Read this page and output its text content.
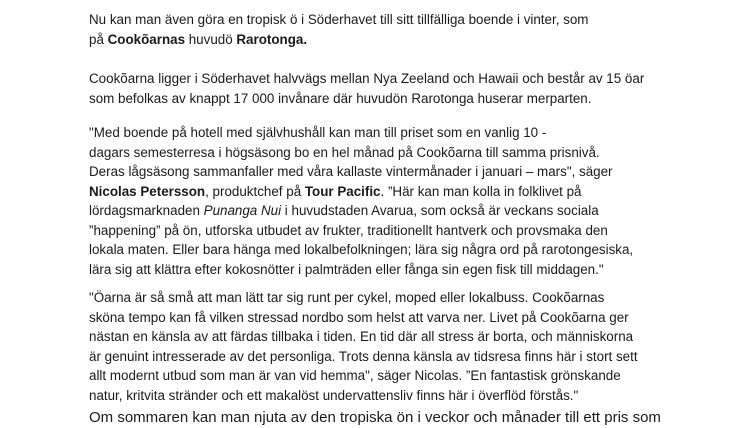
Nu kan man även göra en tropisk ö i Söderhavet till sitt tillfälliga boende i vinter, som
på Cookõarnas huvudö Rarotonga.

Cookõarna ligger i Söderhavet halvvägs mellan Nya Zeeland och Hawaii och består av 15 öar
som befolkas av knappt 17 000 invånare där huvudön Rarotonga huserar merparten.

"Med boende på hotell med självhushåll kan man till priset som en vanlig 10 -
dagars semesterresa i högsäsong bo en hel månad på Cookõarna till samma prisnivå.
Deras lågsäsong sammanfaller med våra kallaste vintermånader i januari – mars", säger
Nicolas Petersson, produktchef på Tour Pacific. ”Här kan man kolla in folklivet på
lördagsmarknaden Punanga Nui i huvudstaden Avarua, som också är veckans sociala
”happening” på ön, utforska utbudet av frukter, traditionellt hantverk och provsmaka den
lokala maten. Eller bara hänga med lokalbefolkningen; lära sig några ord på rarotongesiska,
lära sig att klättra efter kokosnötter i palmträden eller fånga sin egen fisk till middagen."

"Öarna är så små att man lätt tar sig runt per cykel, moped eller lokalbuss. Cookõarnas
sköna tempo kan få vilken stressad nordbo som helst att varva ner. Livet på Cookõarna ger
nästan en känsla av att färdas tillbaka i tiden. En tid där all stress är borta, och människorna
är genuint intresserade av det personliga. Trots denna känsla av tidsresa finns här i stort sett
allt modernt utbud som man är van vid hemma", säger Nicolas. ”En fantastisk grönskande
natur, kritvita stränder och ett makalöst undervattensliv finns här i överflöd förstås."

Om sommaren kan man njuta av den tropiska ön i veckor och månader till ett pris som
